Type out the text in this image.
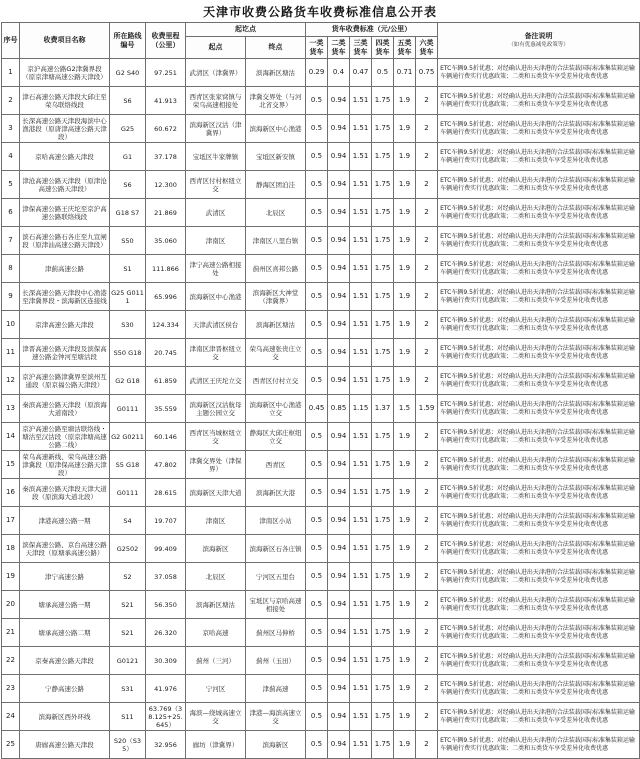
天津市收费公路货车收费标准信息公开表
序号	收费项目名称	所在路线编号	收费里程（公里）	起讫点		货车收费标准（元/公里）						备注说明
（如有优惠减免政策等）

				起点	终点	一类货车	二类货车	三类货车	四类货车	五类货车	六类货车	
1	京沪高速公路G2津冀界段（原京津塘高速公路天津段）	G2 S40	97.251	武清区（津冀界）	滨海新区塘沽	0.29	0.4	0.47	0.5	0.71	0.75	ETC车辆9.5折优惠；对经确认进出天津港的合法装载国际标准集装箱运输车辆通行费实行优惠政策；二类和五类货车享受差异化收费优惠
2	津石高速公路天津段大邱庄至荣乌联络线段	S6	41.913	西青区张家窝镇与荣乌高速相接处	津冀交界处（与河北省交界）	0.5	0.94	1.51	1.75	1.9	2	ETC车辆9.5折优惠；对经确认进出天津港的合法装载国际标准集装箱运输车辆通行费实行优惠政策；二类和五类货车享受差异化收费优惠
3	长深高速公路天津段海滨中心渔港段（原唐津高速公路天津段）	G25	60.672	滨海新区汉沽（津冀界）	滨海新区中心渔港	0.5	0.94	1.51	1.75	1.9	2	ETC车辆9.5折优惠；对经确认进出天津港的合法装载国际标准集装箱运输车辆通行费实行优惠政策；二类和五类货车享受差异化收费优惠
4	京哈高速公路天津段	G1	37.178	宝坻区牛家牌镇	宝坻区新安镇	0.5	0.94	1.51	1.75	1.9	2	ETC车辆9.5折优惠；对经确认进出天津港的合法装载国际标准集装箱运输车辆通行费实行优惠政策；二类和五类货车享受差异化收费优惠
5	津沧高速公路天津段（原津沧高速公路天津段）	S6	12.300	西青区付村枢纽立交	静海区团泊洼	0.5	0.94	1.51	1.75	1.9	2	ETC车辆9.5折优惠；对经确认进出天津港的合法装载国际标准集装箱运输车辆通行费实行优惠政策；二类和五类货车享受差异化收费优惠
6	津保高速公路王庆坨至京沪高速公路联络线段	G18 S7	21.869	武清区	北辰区	0.5	0.94	1.51	1.75	1.9	2	ETC车辆9.5折优惠；对经确认进出天津港的合法装载国际标准集装箱运输车辆通行费实行优惠政策；二类和五类货车享受差异化收费优惠
7	滨石高速公路石各庄至九宣闸段（原津汕高速公路天津段）	S50	35.060	津南区	津南区八里台镇	0.5	0.94	1.51	1.75	1.9	2	ETC车辆9.5折优惠；对经确认进出天津港的合法装载国际标准集装箱运输车辆通行费实行优惠政策；二类和五类货车享受差异化收费优惠
8	津蓟高速公路	S1	111.866	津宁高速公路相接处	蓟州区喜邦公路	0.5	0.94	1.51	1.75	1.9	2	ETC车辆9.5折优惠；对经确认进出天津港的合法装载国际标准集装箱运输车辆通行费实行优惠政策；二类和五类货车享受差异化收费优惠
9	长深高速公路天津段中心渔港至津冀界段・滨海新区连接线	G25 G0111	65.996	滨海新区中心渔港	滨海新区大神堂（津冀界）	0.5	0.94	1.51	1.75	1.9	2	ETC车辆9.5折优惠；对经确认进出天津港的合法装载国际标准集装箱运输车辆通行费实行优惠政策；二类和五类货车享受差异化收费优惠
10	京津高速公路天津段	S30	124.334	天津武清区侯台	滨海新区塘沽	0.5	0.94	1.51	1.75	1.9	2	ETC车辆9.5折优惠；对经确认进出天津港的合法装载国际标准集装箱运输车辆通行费实行优惠政策；二类和五类货车享受差异化收费优惠
11	津晋高速公路天津段及滨保高速公路金钟河至塘沽段	S50 G18	20.745	津南区津晋枢纽立交	荣乌高速张贵庄立交	0.5	0.94	1.51	1.75	1.9	2	ETC车辆9.5折优惠；对经确认进出天津港的合法装载国际标准集装箱运输车辆通行费实行优惠政策；二类和五类货车享受差异化收费优惠
12	京沪高速公路津冀界至滨州互通段（原京福公路天津段）	G2 G18	61.859	武清区王庆坨立交	西青区付村立交	0.5	0.94	1.51	1.75	1.9	2	ETC车辆9.5折优惠；对经确认进出天津港的合法装载国际标准集装箱运输车辆通行费实行优惠政策；二类和五类货车享受差异化收费优惠
13	秦滨高速公路天津段（原滨海大道南段）	G0111	35.559	滨海新区汉沽航母主题公园立交	滨海新区中心渔港立交	0.45	0.85	1.15	1.37	1.5	1.59	ETC车辆9.5折优惠；对经确认进出天津港的合法装载国际标准集装箱运输车辆通行费实行优惠政策；二类和五类货车享受差异化收费优惠
14	京沪高速公路至塘沽联络线・塘沽至汉沽段（原京津塘高速公路二线）	G2 G0211	60.146	西青区当城枢纽立交	静海区大邱庄枢纽立交	0.5	0.94	1.51	1.75	1.9	2	ETC车辆9.5折优惠；对经确认进出天津港的合法装载国际标准集装箱运输车辆通行费实行优惠政策；二类和五类货车享受差异化收费优惠
15	荣乌高速新线、荣乌高速公路津冀段（原津保高速公路天津段）	S5 G18	47.802	津冀交界处（津保界）	西青区	0.5	0.94	1.51	1.75	1.9	2	ETC车辆9.5折优惠；对经确认进出天津港的合法装载国际标准集装箱运输车辆通行费实行优惠政策；二类和五类货车享受差异化收费优惠
16	秦滨高速公路天津段天津大道段（原滨海大道北段）	G0111	28.615	滨海新区天津大道	滨海新区大港	0.5	0.94	1.51	1.75	1.9	2	ETC车辆9.5折优惠；对经确认进出天津港的合法装载国际标准集装箱运输车辆通行费实行优惠政策；二类和五类货车享受差异化收费优惠
17	津港高速公路一期	S4	19.707	津南区	津南区小站	0.5	0.94	1.51	1.75	1.9	2	ETC车辆9.5折优惠；对经确认进出天津港的合法装载国际标准集装箱运输车辆通行费实行优惠政策；二类和五类货车享受差异化收费优惠
18	滨保高速公路、京台高速公路天津段（原塘承高速公路）	G2502	99.409	滨海新区	滨海新区石各庄镇	0.5	0.94	1.51	1.75	1.9	2	ETC车辆9.5折优惠；对经确认进出天津港的合法装载国际标准集装箱运输车辆通行费实行优惠政策；二类和五类货车享受差异化收费优惠
19	津宁高速公路	S2	37.058	北辰区	宁河区五里台	0.5	0.94	1.51	1.75	1.9	2	ETC车辆9.5折优惠；对经确认进出天津港的合法装载国际标准集装箱运输车辆通行费实行优惠政策；二类和五类货车享受差异化收费优惠
20	塘承高速公路一期	S21	56.350	滨海新区塘沽	宝坻区与京哈高速相接处	0.5	0.94	1.51	1.75	1.9	2	ETC车辆9.5折优惠；对经确认进出天津港的合法装载国际标准集装箱运输车辆通行费实行优惠政策；二类和五类货车享受差异化收费优惠
21	塘承高速公路二期	S21	26.320	京哈高速	蓟州区马伸桥	0.5	0.94	1.51	1.75	1.9	2	ETC车辆9.5折优惠；对经确认进出天津港的合法装载国际标准集装箱运输车辆通行费实行优惠政策；二类和五类货车享受差异化收费优惠
22	京秦高速公路天津段	G0121	30.309	蓟州（三河）	蓟州（玉田）	0.5	0.94	1.51	1.75	1.9	2	ETC车辆9.5折优惠；对经确认进出天津港的合法装载国际标准集装箱运输车辆通行费实行优惠政策；二类和五类货车享受差异化收费优惠
23	宁静高速公路	S31	41.976	宁河区	津蓟高速	0.5	0.94	1.51	1.75	1.9	2	ETC车辆9.5折优惠；对经确认进出天津港的合法装载国际标准集装箱运输车辆通行费实行优惠政策；二类和五类货车享受差异化收费优惠
24	滨海新区西外环线	S11	63.769（38.125+25.645）	海滨—绕城高速立交	津港—海滨高速立交	0.5	0.94	1.51	1.75	1.9	2	ETC车辆9.5折优惠；对经确认进出天津港的合法装载国际标准集装箱运输车辆通行费实行优惠政策；二类和五类货车享受差异化收费优惠
25	唐廊高速公路天津段	S20（S35）	32.956	廊坊（津冀界）	滨海新区	0.5	0.94	1.51	1.75	1.9	2	ETC车辆9.5折优惠；对经确认进出天津港的合法装载国际标准集装箱运输车辆通行费实行优惠政策；二类和五类货车享受差异化收费优惠
